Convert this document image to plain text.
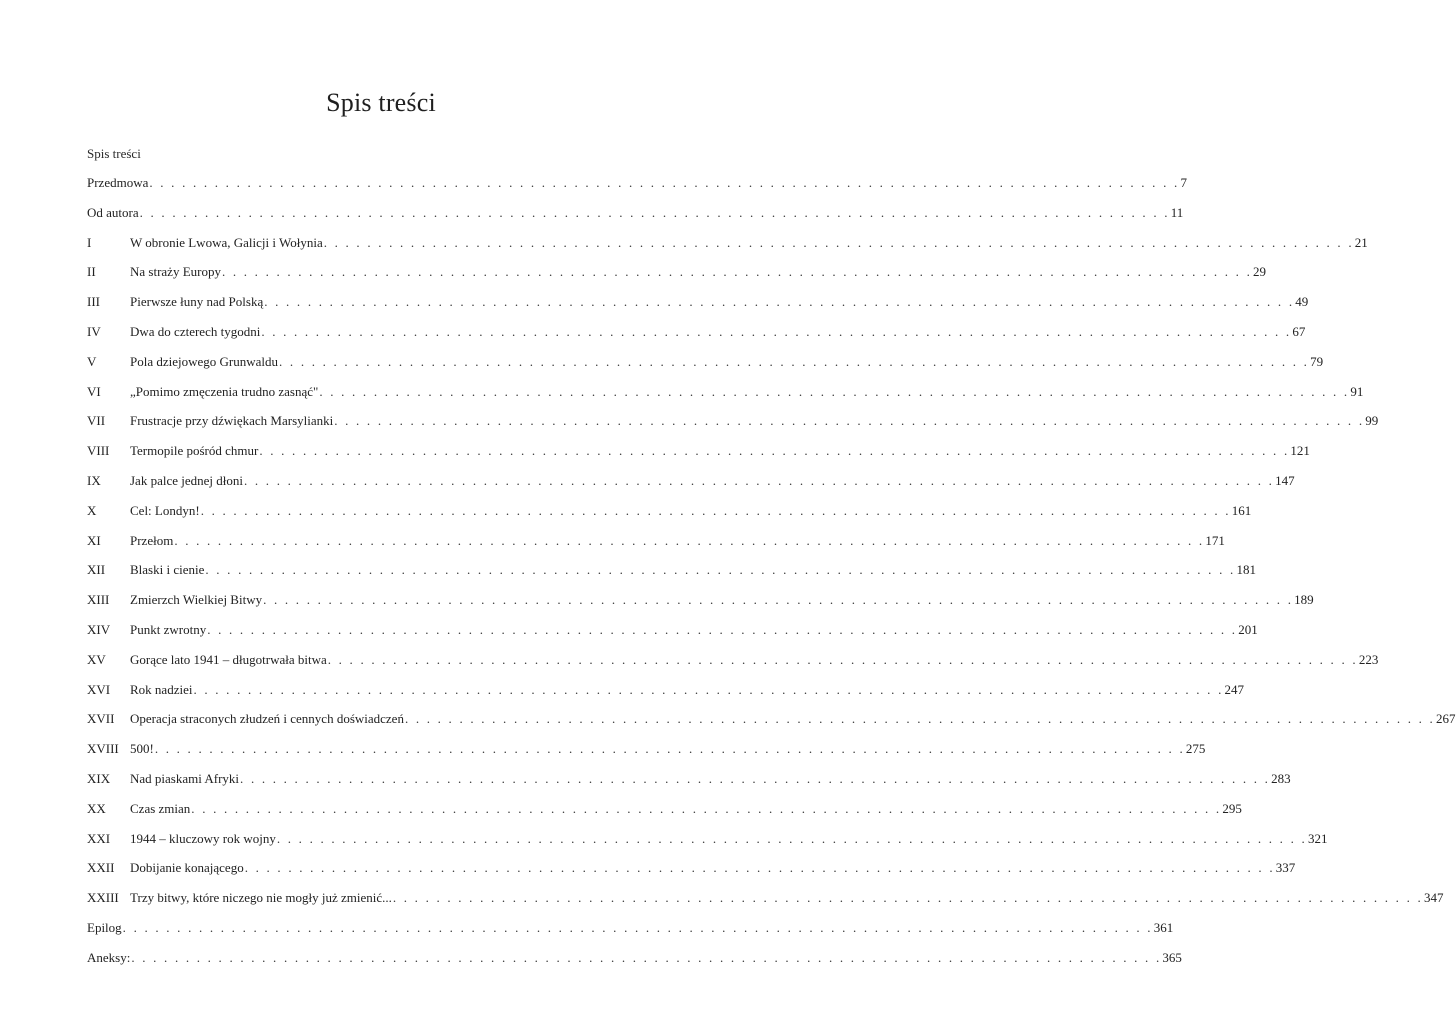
Spis treści
Spis treści
Przedmowa . . . . . . . . . . . . . . . . . . . . . . . . . . . . . . . . . . . . . . . . . . . . . . . . . . . . . . . . . . . . . . . . . . . . . . . . . . . . . . . . . . . . . . . . . . . . . . . 7
Od autora . . . . . . . . . . . . . . . . . . . . . . . . . . . . . . . . . . . . . . . . . . . . . . . . . . . . . . . . . . . . . . . . . . . . . . . . . . . . . . . . . . . . . . . . . . . . . . . 11
I	W obronie Lwowa, Galicji i Wołynia . . . . . . . . . . . . . . . . . . . . . . . . . . . . . . . . . . . . . . . . . . . . . . . . . . . . . . . . . . . . . . . . . . . . . . . . . . . . . . . . . . . . . . . . . . . . . . . 21
II	Na straży Europy . . . . . . . . . . . . . . . . . . . . . . . . . . . . . . . . . . . . . . . . . . . . . . . . . . . . . . . . . . . . . . . . . . . . . . . . . . . . . . . . . . . . . . . . . . . . . . . 29
III	Pierwsze łuny nad Polską . . . . . . . . . . . . . . . . . . . . . . . . . . . . . . . . . . . . . . . . . . . . . . . . . . . . . . . . . . . . . . . . . . . . . . . . . . . . . . . . . . . . . . . . . . . . . . . 49
IV	Dwa do czterech tygodni . . . . . . . . . . . . . . . . . . . . . . . . . . . . . . . . . . . . . . . . . . . . . . . . . . . . . . . . . . . . . . . . . . . . . . . . . . . . . . . . . . . . . . . . . . . . . . . 67
V	Pola dziejowego Grunwaldu . . . . . . . . . . . . . . . . . . . . . . . . . . . . . . . . . . . . . . . . . . . . . . . . . . . . . . . . . . . . . . . . . . . . . . . . . . . . . . . . . . . . . . . . . . . . . . . 79
VI	„Pomimo zmęczenia trudno zasnąć" . . . . . . . . . . . . . . . . . . . . . . . . . . . . . . . . . . . . . . . . . . . . . . . . . . . . . . . . . . . . . . . . . . . . . . . . . . . . . . . . . . . . . . . . . . . . . . . 91
VII	Frustracje przy dźwiękach Marsylianki . . . . . . . . . . . . . . . . . . . . . . . . . . . . . . . . . . . . . . . . . . . . . . . . . . . . . . . . . . . . . . . . . . . . . . . . . . . . . . . . . . . . . . . . . . . . . . . 99
VIII	Termopile pośród chmur . . . . . . . . . . . . . . . . . . . . . . . . . . . . . . . . . . . . . . . . . . . . . . . . . . . . . . . . . . . . . . . . . . . . . . . . . . . . . . . . . . . . . . . . . . . . . . . 121
IX	Jak palce jednej dłoni . . . . . . . . . . . . . . . . . . . . . . . . . . . . . . . . . . . . . . . . . . . . . . . . . . . . . . . . . . . . . . . . . . . . . . . . . . . . . . . . . . . . . . . . . . . . . . . 147
X	Cel: Londyn! . . . . . . . . . . . . . . . . . . . . . . . . . . . . . . . . . . . . . . . . . . . . . . . . . . . . . . . . . . . . . . . . . . . . . . . . . . . . . . . . . . . . . . . . . . . . . . . 161
XI	Przełom . . . . . . . . . . . . . . . . . . . . . . . . . . . . . . . . . . . . . . . . . . . . . . . . . . . . . . . . . . . . . . . . . . . . . . . . . . . . . . . . . . . . . . . . . . . . . . . 171
XII	Blaski i cienie . . . . . . . . . . . . . . . . . . . . . . . . . . . . . . . . . . . . . . . . . . . . . . . . . . . . . . . . . . . . . . . . . . . . . . . . . . . . . . . . . . . . . . . . . . . . . . . 181
XIII	Zmierzch Wielkiej Bitwy . . . . . . . . . . . . . . . . . . . . . . . . . . . . . . . . . . . . . . . . . . . . . . . . . . . . . . . . . . . . . . . . . . . . . . . . . . . . . . . . . . . . . . . . . . . . . . . 189
XIV	Punkt zwrotny . . . . . . . . . . . . . . . . . . . . . . . . . . . . . . . . . . . . . . . . . . . . . . . . . . . . . . . . . . . . . . . . . . . . . . . . . . . . . . . . . . . . . . . . . . . . . . . 201
XV	Gorące lato 1941 – długotrwała bitwa . . . . . . . . . . . . . . . . . . . . . . . . . . . . . . . . . . . . . . . . . . . . . . . . . . . . . . . . . . . . . . . . . . . . . . . . . . . . . . . . . . . . . . . . . . . . . . . 223
XVI	Rok nadziei . . . . . . . . . . . . . . . . . . . . . . . . . . . . . . . . . . . . . . . . . . . . . . . . . . . . . . . . . . . . . . . . . . . . . . . . . . . . . . . . . . . . . . . . . . . . . . . 247
XVII	Operacja straconych złudzeń i cennych doświadczeń . . . . . . . . . . . . . . . . . . . . . . . . . . . . . . . . . . . . . . . . . . . . . . . . . . . . . . . . . . . . . . . . . . . . . . . . . . . . . . . . . . . . . . . . . . . . . . . 267
XVIII 500! . . . . . . . . . . . . . . . . . . . . . . . . . . . . . . . . . . . . . . . . . . . . . . . . . . . . . . . . . . . . . . . . . . . . . . . . . . . . . . . . . . . . . . . . . . . . . . . 275
XIX	Nad piaskami Afryki . . . . . . . . . . . . . . . . . . . . . . . . . . . . . . . . . . . . . . . . . . . . . . . . . . . . . . . . . . . . . . . . . . . . . . . . . . . . . . . . . . . . . . . . . . . . . . . 283
XX	Czas zmian . . . . . . . . . . . . . . . . . . . . . . . . . . . . . . . . . . . . . . . . . . . . . . . . . . . . . . . . . . . . . . . . . . . . . . . . . . . . . . . . . . . . . . . . . . . . . . . 295
XXI	1944 – kluczowy rok wojny . . . . . . . . . . . . . . . . . . . . . . . . . . . . . . . . . . . . . . . . . . . . . . . . . . . . . . . . . . . . . . . . . . . . . . . . . . . . . . . . . . . . . . . . . . . . . . . 321
XXII	Dobijanie konającego . . . . . . . . . . . . . . . . . . . . . . . . . . . . . . . . . . . . . . . . . . . . . . . . . . . . . . . . . . . . . . . . . . . . . . . . . . . . . . . . . . . . . . . . . . . . . . . 337
XXIII Trzy bitwy, które niczego nie mogły już zmienić... . . . . . . . . . . . . . . . . . . . . . . . . . . . . . . . . . . . . . . . . . . . . . . . . . . . . . . . . . . . . . . . . . . . . . . . . . . . . . . . . . . . . . . . . . . . . . . . 347
Epilog . . . . . . . . . . . . . . . . . . . . . . . . . . . . . . . . . . . . . . . . . . . . . . . . . . . . . . . . . . . . . . . . . . . . . . . . . . . . . . . . . . . . . . . . . . . . . . . 361
Aneksy: . . . . . . . . . . . . . . . . . . . . . . . . . . . . . . . . . . . . . . . . . . . . . . . . . . . . . . . . . . . . . . . . . . . . . . . . . . . . . . . . . . . . . . . . . . . . . . . 365
